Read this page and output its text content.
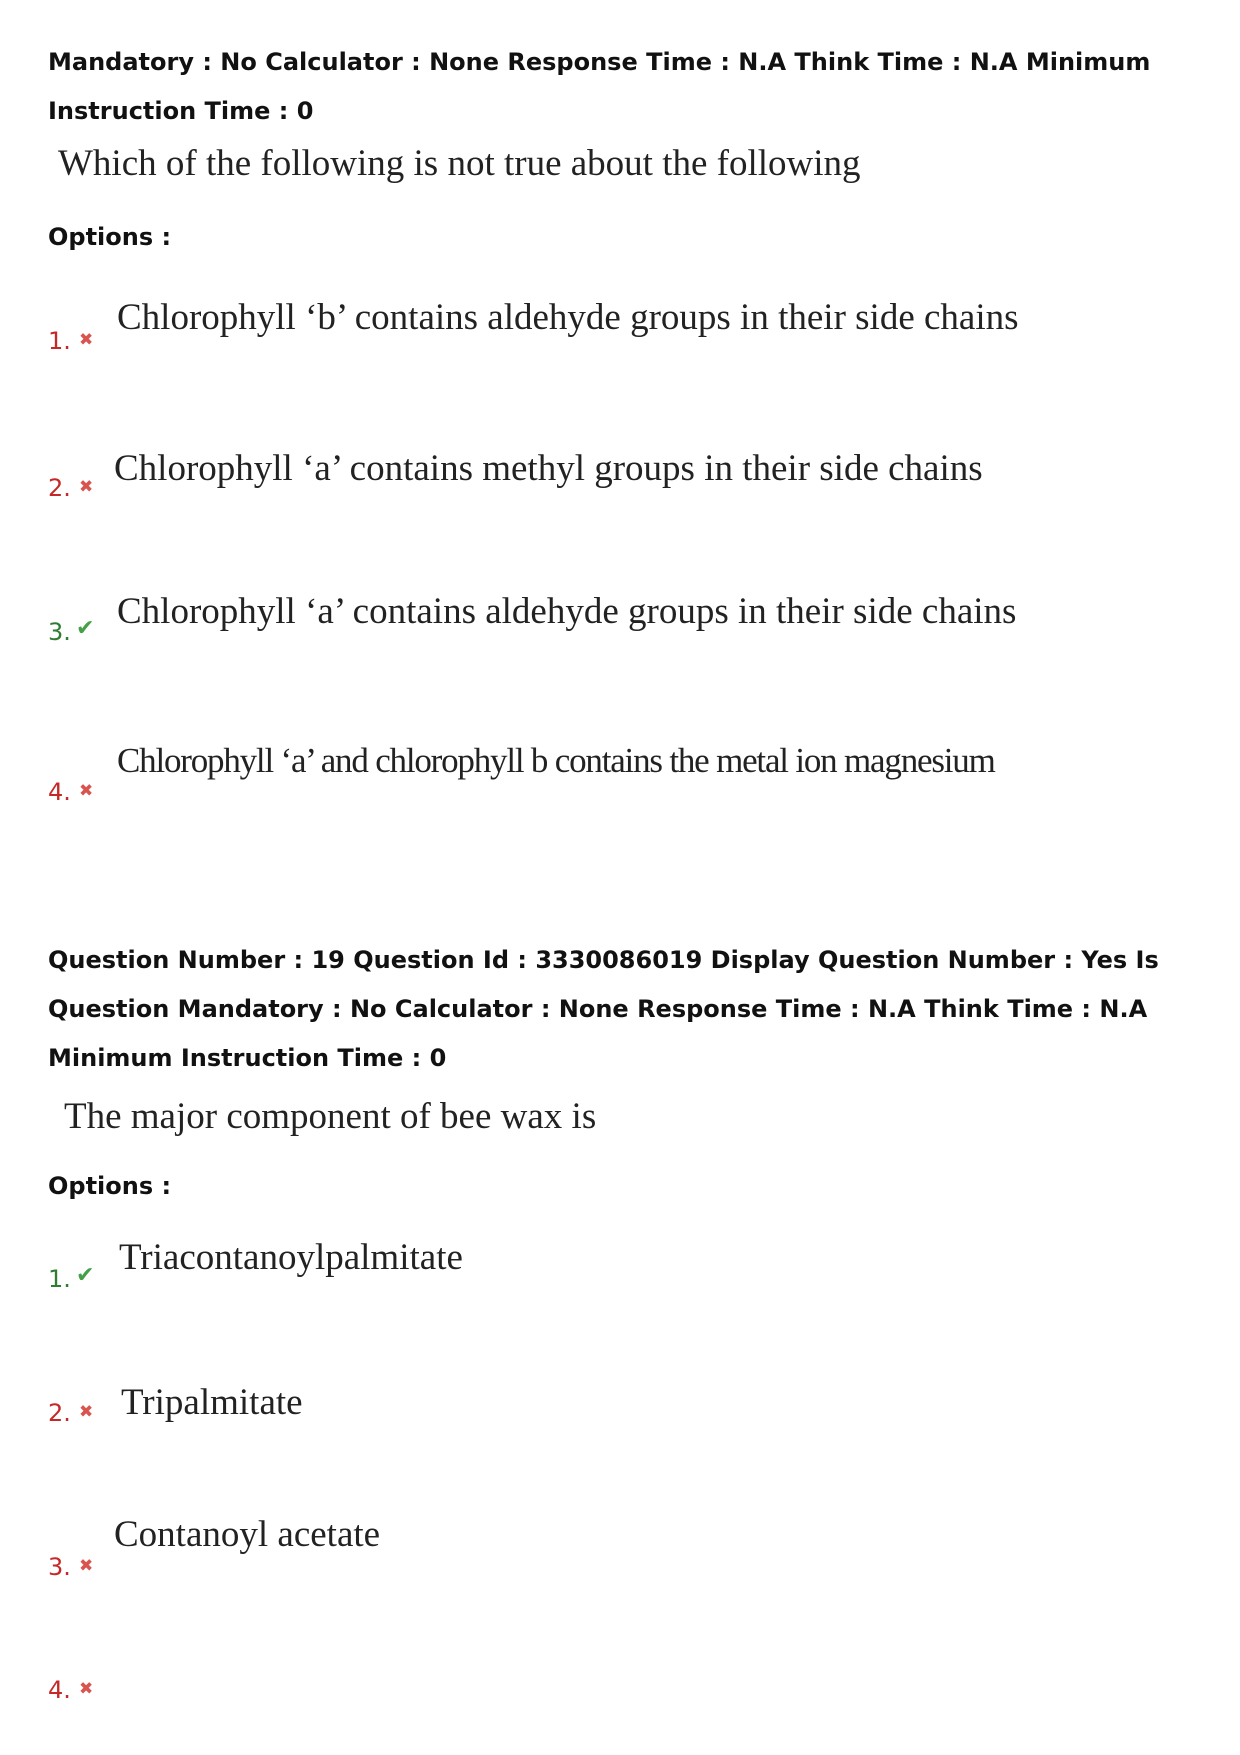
Mandatory : No Calculator : None Response Time : N.A Think Time : N.A Minimum Instruction Time : 0
Which of the following is not true about the following
Options :
1. ✖
Chlorophyll ‘b’ contains aldehyde groups in their side chains
2. ✖ Chlorophyll ‘a’ contains methyl groups in their side chains
3. ✔ Chlorophyll ‘a’ contains aldehyde groups in their side chains
4. ✖
Chlorophyll ‘a’ and chlorophyll b contains the metal ion magnesium
Question Number : 19 Question Id : 3330086019 Display Question Number : Yes Is Question Mandatory : No Calculator : None Response Time : N.A Think Time : N.A Minimum Instruction Time : 0
The major component of bee wax is
Options :
1. ✔ Triacontanoylpalmitate
2. ✖ Tripalmitate
3. ✖
Contanoyl acetate
4. ✖
